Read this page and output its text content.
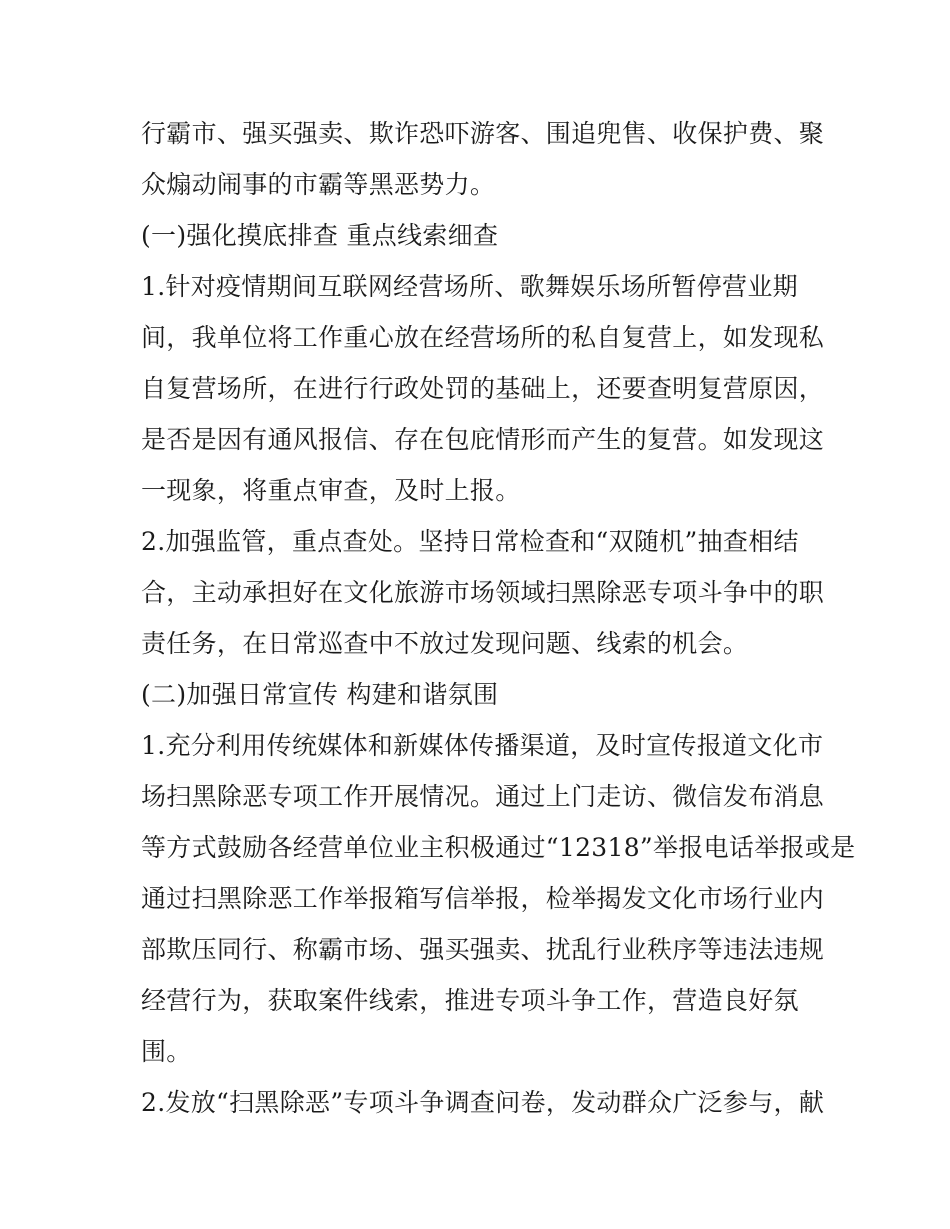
行霸市、强买强卖、欺诈恐吓游客、围追兜售、收保护费、聚
众煽动闹事的市霸等黑恶势力。
(一)强化摸底排查 重点线索细查
1.针对疫情期间互联网经营场所、歌舞娱乐场所暂停营业期
间，我单位将工作重心放在经营场所的私自复营上，如发现私
自复营场所，在进行行政处罚的基础上，还要查明复营原因，
是否是因有通风报信、存在包庇情形而产生的复营。如发现这
一现象，将重点审查，及时上报。
2.加强监管，重点查处。坚持日常检查和“双随机”抽查相结
合，主动承担好在文化旅游市场领域扫黑除恶专项斗争中的职
责任务，在日常巡查中不放过发现问题、线索的机会。
(二)加强日常宣传 构建和谐氛围
1.充分利用传统媒体和新媒体传播渠道，及时宣传报道文化市
场扫黑除恶专项工作开展情况。通过上门走访、微信发布消息
等方式鼓励各经营单位业主积极通过“12318”举报电话举报或是
通过扫黑除恶工作举报箱写信举报，检举揭发文化市场行业内
部欺压同行、称霸市场、强买强卖、扰乱行业秩序等违法违规
经营行为，获取案件线索，推进专项斗争工作，营造良好氛
围。
2.发放“扫黑除恶”专项斗争调查问卷，发动群众广泛参与，献
